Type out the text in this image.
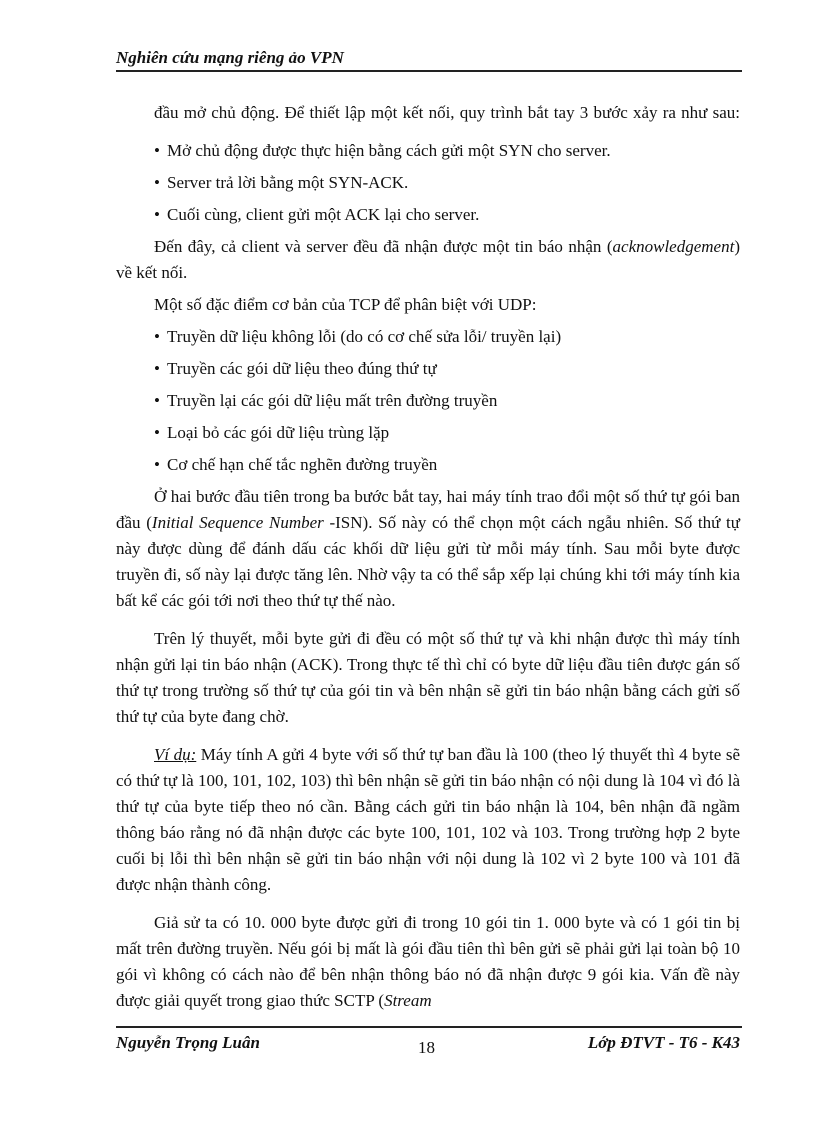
Nghiên cứu mạng riêng ảo VPN

đầu mở chủ động. Để thiết lập một kết nối, quy trình bắt tay 3 bước xảy ra như sau:

• Mở chủ động được thực hiện bằng cách gửi một SYN cho server.

• Server trả lời bằng một SYN-ACK.

• Cuối cùng, client gửi một ACK lại cho server.

Đến đây, cả client và server đều đã nhận được một tin báo nhận (acknowledgement) về kết nối.

Một số đặc điểm cơ bản của TCP để phân biệt với UDP:

• Truyền dữ liệu không lỗi (do có cơ chế sửa lỗi/ truyền lại)

• Truyền các gói dữ liệu theo đúng thứ tự

• Truyền lại các gói dữ liệu mất trên đường truyền

• Loại bỏ các gói dữ liệu trùng lặp

• Cơ chế hạn chế tắc nghẽn đường truyền

Ở hai bước đầu tiên trong ba bước bắt tay, hai máy tính trao đổi một số thứ tự gói ban đầu (Initial Sequence Number -ISN). Số này có thể chọn một cách ngẫu nhiên. Số thứ tự này được dùng để đánh dấu các khối dữ liệu gửi từ mỗi máy tính. Sau mỗi byte được truyền đi, số này lại được tăng lên. Nhờ vậy ta có thể sắp xếp lại chúng khi tới máy tính kia bất kể các gói tới nơi theo thứ tự thế nào.

Trên lý thuyết, mỗi byte gửi đi đều có một số thứ tự và khi nhận được thì máy tính nhận gửi lại tin báo nhận (ACK). Trong thực tế thì chỉ có byte dữ liệu đầu tiên được gán số thứ tự trong trường số thứ tự của gói tin và bên nhận sẽ gửi tin báo nhận bằng cách gửi số thứ tự của byte đang chờ.

Ví dụ: Máy tính A gửi 4 byte với số thứ tự ban đầu là 100 (theo lý thuyết thì 4 byte sẽ có thứ tự là 100, 101, 102, 103) thì bên nhận sẽ gửi tin báo nhận có nội dung là 104 vì đó là thứ tự của byte tiếp theo nó cần. Bằng cách gửi tin báo nhận là 104, bên nhận đã ngầm thông báo rằng nó đã nhận được các byte 100, 101, 102 và 103. Trong trường hợp 2 byte cuối bị lỗi thì bên nhận sẽ gửi tin báo nhận với nội dung là 102 vì 2 byte 100 và 101 đã được nhận thành công.

Giả sử ta có 10. 000 byte được gửi đi trong 10 gói tin 1. 000 byte và có 1 gói tin bị mất trên đường truyền. Nếu gói bị mất là gói đầu tiên thì bên gửi sẽ phải gửi lại toàn bộ 10 gói vì không có cách nào để bên nhận thông báo nó đã nhận được 9 gói kia. Vấn đề này được giải quyết trong giao thức SCTP (Stream

Nguyễn Trọng Luân	18	Lớp ĐTVT - T6 - K43
